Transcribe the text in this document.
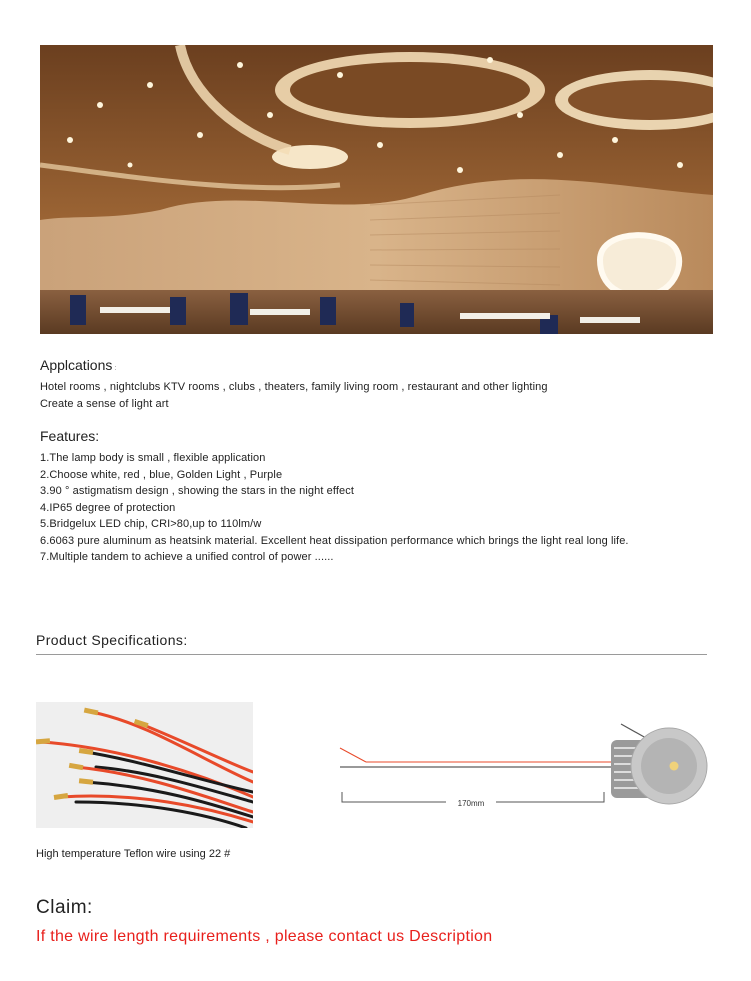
Applcations :
Hotel rooms , nightclubs KTV rooms , clubs , theaters, family living room , restaurant and other lighting
Create a sense of light art
Features:
1.The lamp body is small , flexible application
2.Choose white, red , blue, Golden Light , Purple
3.90 ° astigmatism design , showing the stars in the night effect
4.IP65 degree of protection
5.Bridgelux LED chip, CRI>80,up to 110lm/w
6.6063 pure aluminum as heatsink material. Excellent heat dissipation performance which brings the light real long life.
7.Multiple tandem to achieve a unified control of power ......
Product Specifications:
High temperature Teflon wire using 22 #
170mm
Claim:
If the wire length requirements , please contact us Description
